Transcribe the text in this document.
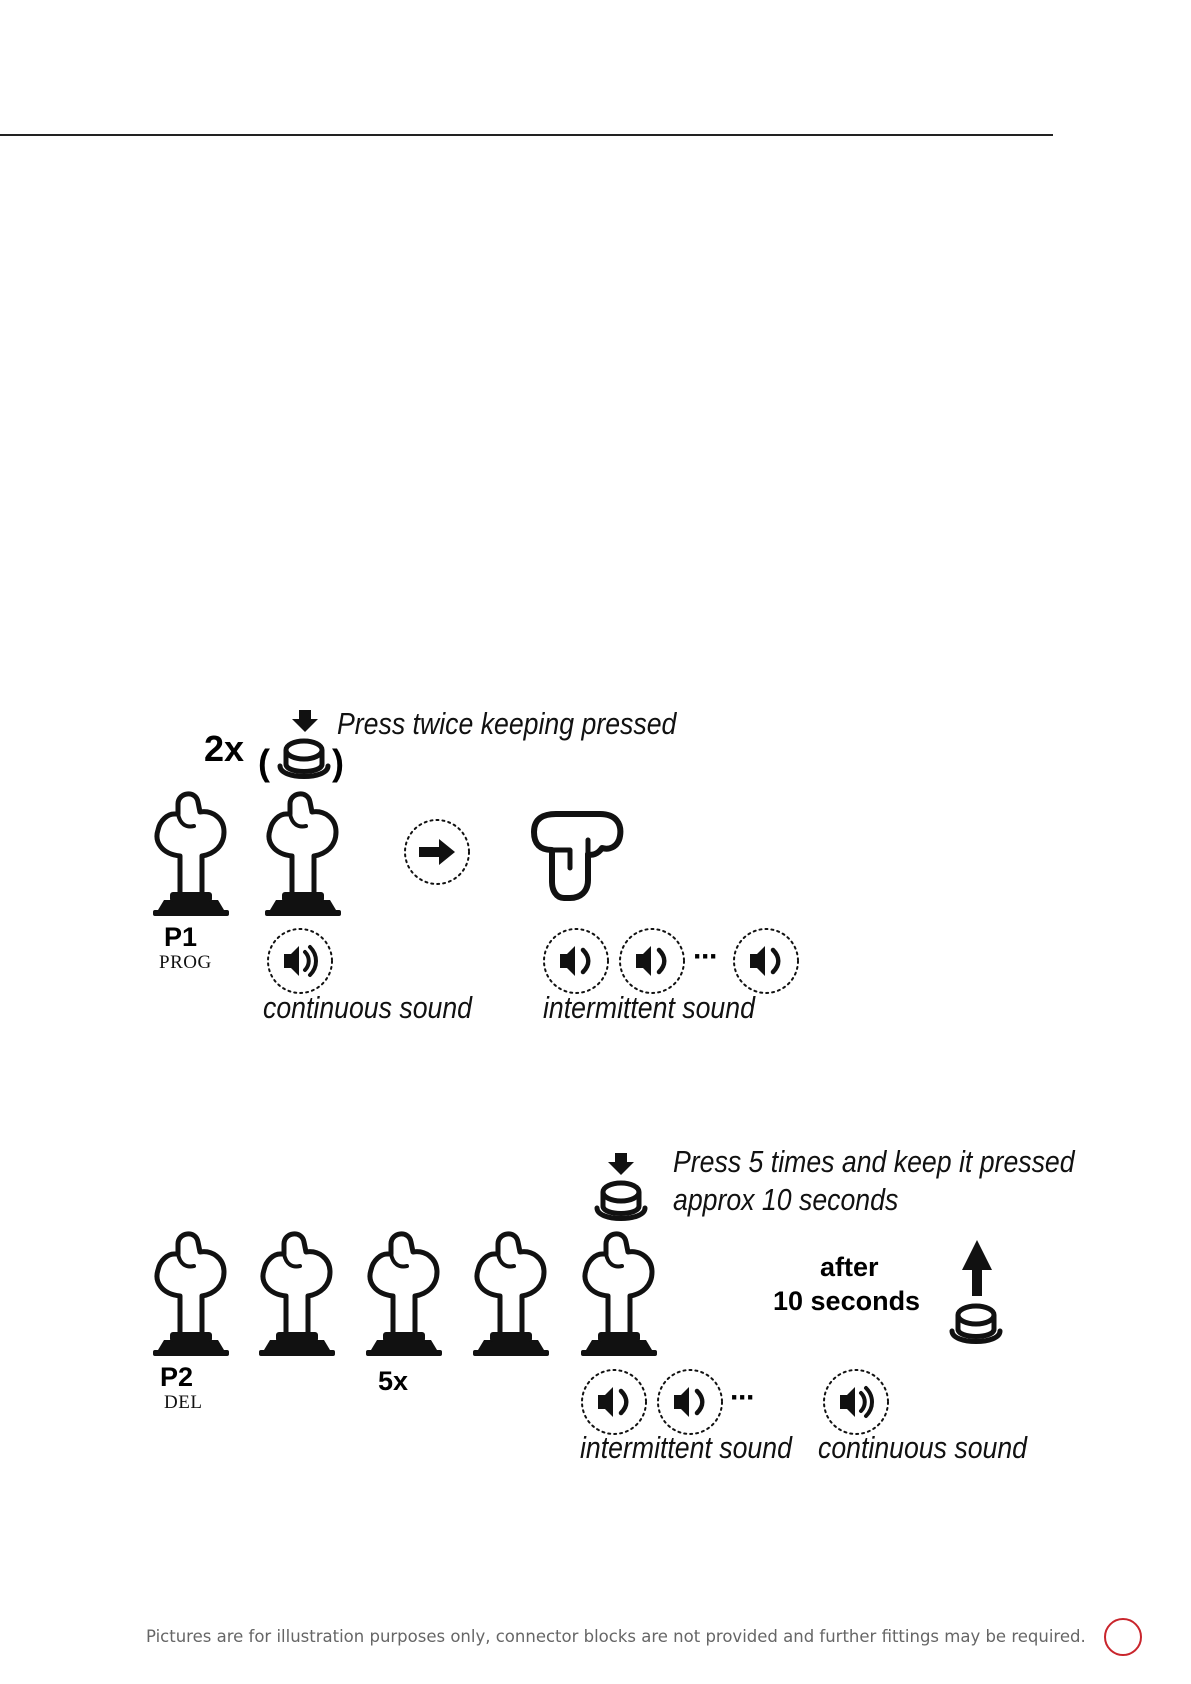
2x ( )
Press twice keeping pressed
P1
PROG	···
continuous sound intermittent sound
Press 5 times and keep it pressed
approx 10 seconds
P2
DEL
5x
after
10 seconds
···
intermittent sound continuous sound
Pictures are for illustration purposes only, connector blocks are not provided and further fittings may be required.
